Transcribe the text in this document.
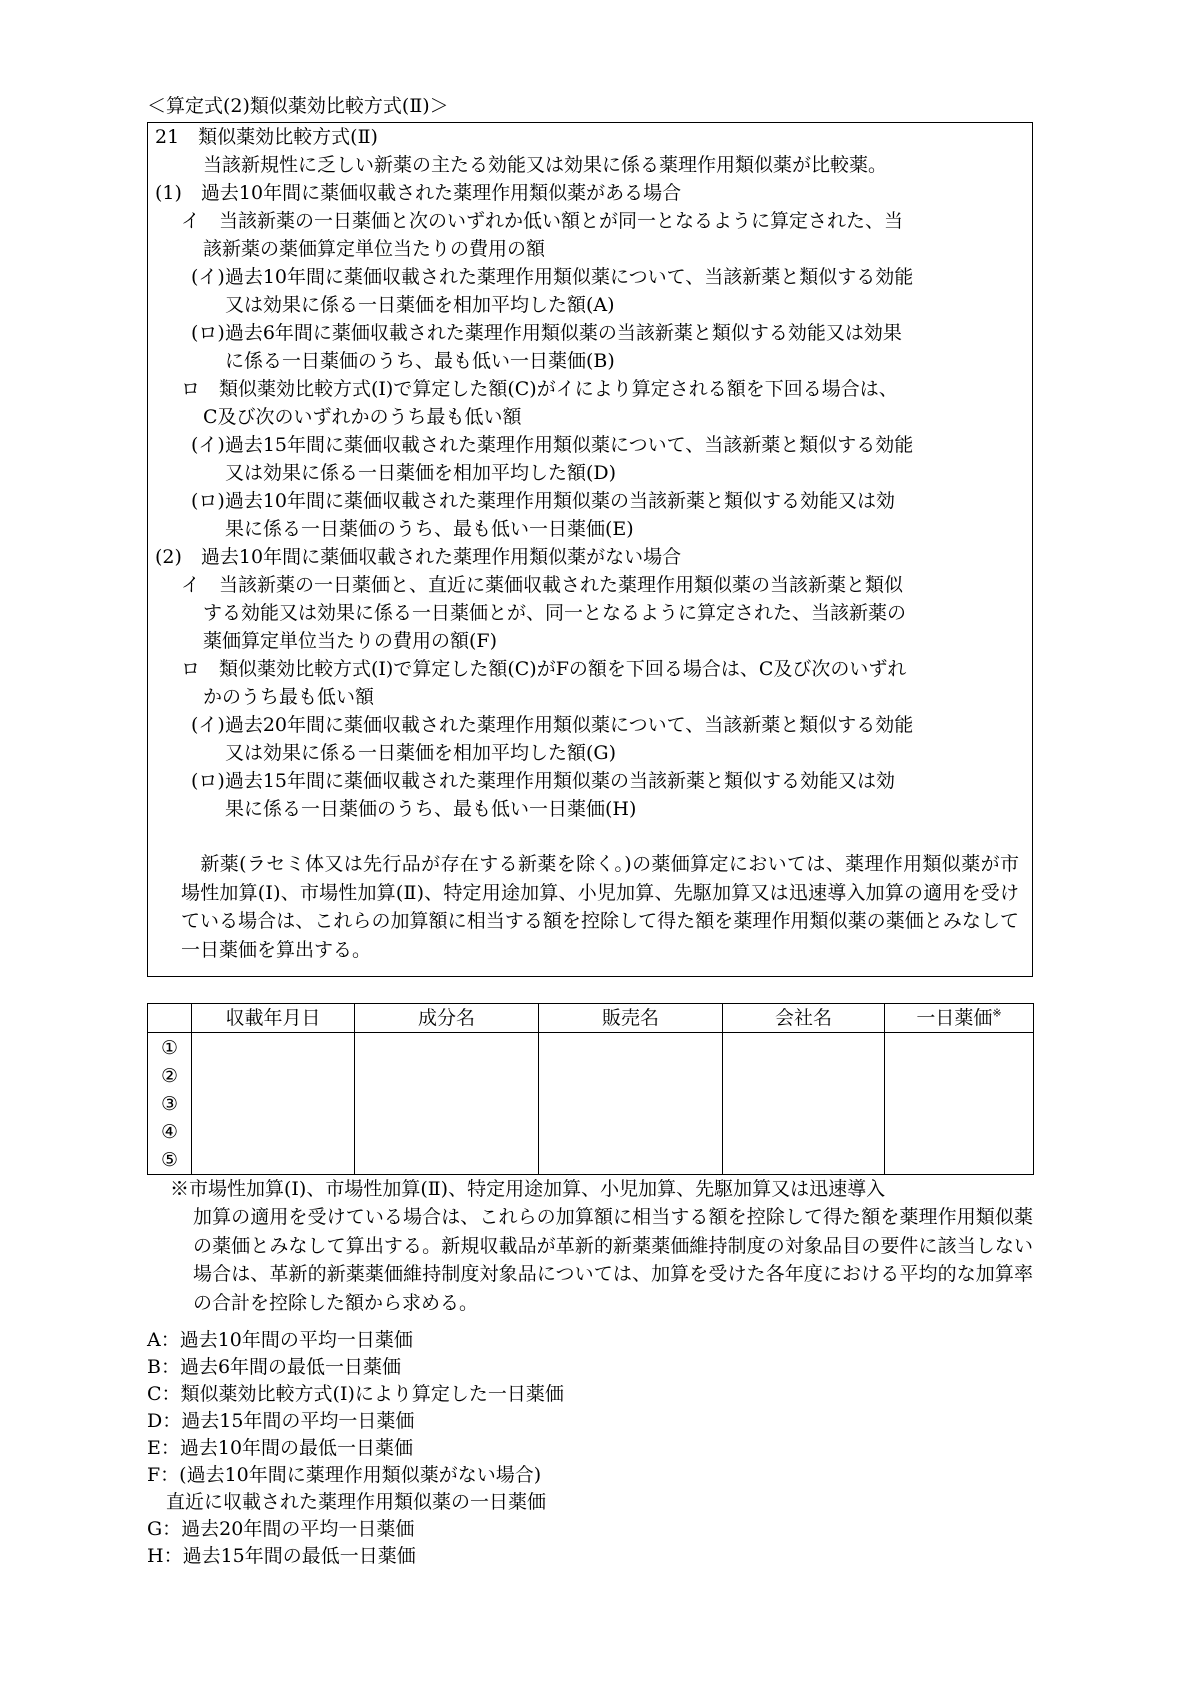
＜算定式(2)類似薬効比較方式(Ⅱ)＞
21　類似薬効比較方式(Ⅱ)
当該新規性に乏しい新薬の主たる効能又は効果に係る薬理作用類似薬が比較薬。
(1)　過去10年間に薬価収載された薬理作用類似薬がある場合
イ　当該新薬の一日薬価と次のいずれか低い額とが同一となるように算定された、当
該新薬の薬価算定単位当たりの費用の額
(イ)過去10年間に薬価収載された薬理作用類似薬について、当該新薬と類似する効能
又は効果に係る一日薬価を相加平均した額(A)
(ロ)過去6年間に薬価収載された薬理作用類似薬の当該新薬と類似する効能又は効果
に係る一日薬価のうち、最も低い一日薬価(B)
ロ　類似薬効比較方式(Ⅰ)で算定した額(C)がイにより算定される額を下回る場合は、
C及び次のいずれかのうち最も低い額
(イ)過去15年間に薬価収載された薬理作用類似薬について、当該新薬と類似する効能
又は効果に係る一日薬価を相加平均した額(D)
(ロ)過去10年間に薬価収載された薬理作用類似薬の当該新薬と類似する効能又は効
果に係る一日薬価のうち、最も低い一日薬価(E)
(2)　過去10年間に薬価収載された薬理作用類似薬がない場合
イ　当該新薬の一日薬価と、直近に薬価収載された薬理作用類似薬の当該新薬と類似
する効能又は効果に係る一日薬価とが、同一となるように算定された、当該新薬の
薬価算定単位当たりの費用の額(F)
ロ　類似薬効比較方式(Ⅰ)で算定した額(C)がFの額を下回る場合は、C及び次のいずれ
かのうち最も低い額
(イ)過去20年間に薬価収載された薬理作用類似薬について、当該新薬と類似する効能
又は効果に係る一日薬価を相加平均した額(G)
(ロ)過去15年間に薬価収載された薬理作用類似薬の当該新薬と類似する効能又は効
果に係る一日薬価のうち、最も低い一日薬価(H)
　新薬(ラセミ体又は先行品が存在する新薬を除く。)の薬価算定においては、薬理作用類似薬が市場性加算(Ⅰ)、市場性加算(Ⅱ)、特定用途加算、小児加算、先駆加算又は迅速導入加算の適用を受けている場合は、これらの加算額に相当する額を控除して得た額を薬理作用類似薬の薬価とみなして一日薬価を算出する。
	収載年月日	成分名	販売名	会社名	一日薬価※

①
②
③
④
⑤					

※市場性加算(Ⅰ)、市場性加算(Ⅱ)、特定用途加算、小児加算、先駆加算又は迅速導入
加算の適用を受けている場合は、これらの加算額に相当する額を控除して得た額を薬理作用類似薬の薬価とみなして算出する。新規収載品が革新的新薬薬価維持制度の対象品目の要件に該当しない場合は、革新的新薬薬価維持制度対象品については、加算を受けた各年度における平均的な加算率の合計を控除した額から求める。
A：過去10年間の平均一日薬価
B：過去6年間の最低一日薬価
C：類似薬効比較方式(Ⅰ)により算定した一日薬価
D：過去15年間の平均一日薬価
E：過去10年間の最低一日薬価
F：(過去10年間に薬理作用類似薬がない場合)
　直近に収載された薬理作用類似薬の一日薬価
G：過去20年間の平均一日薬価
H：過去15年間の最低一日薬価
